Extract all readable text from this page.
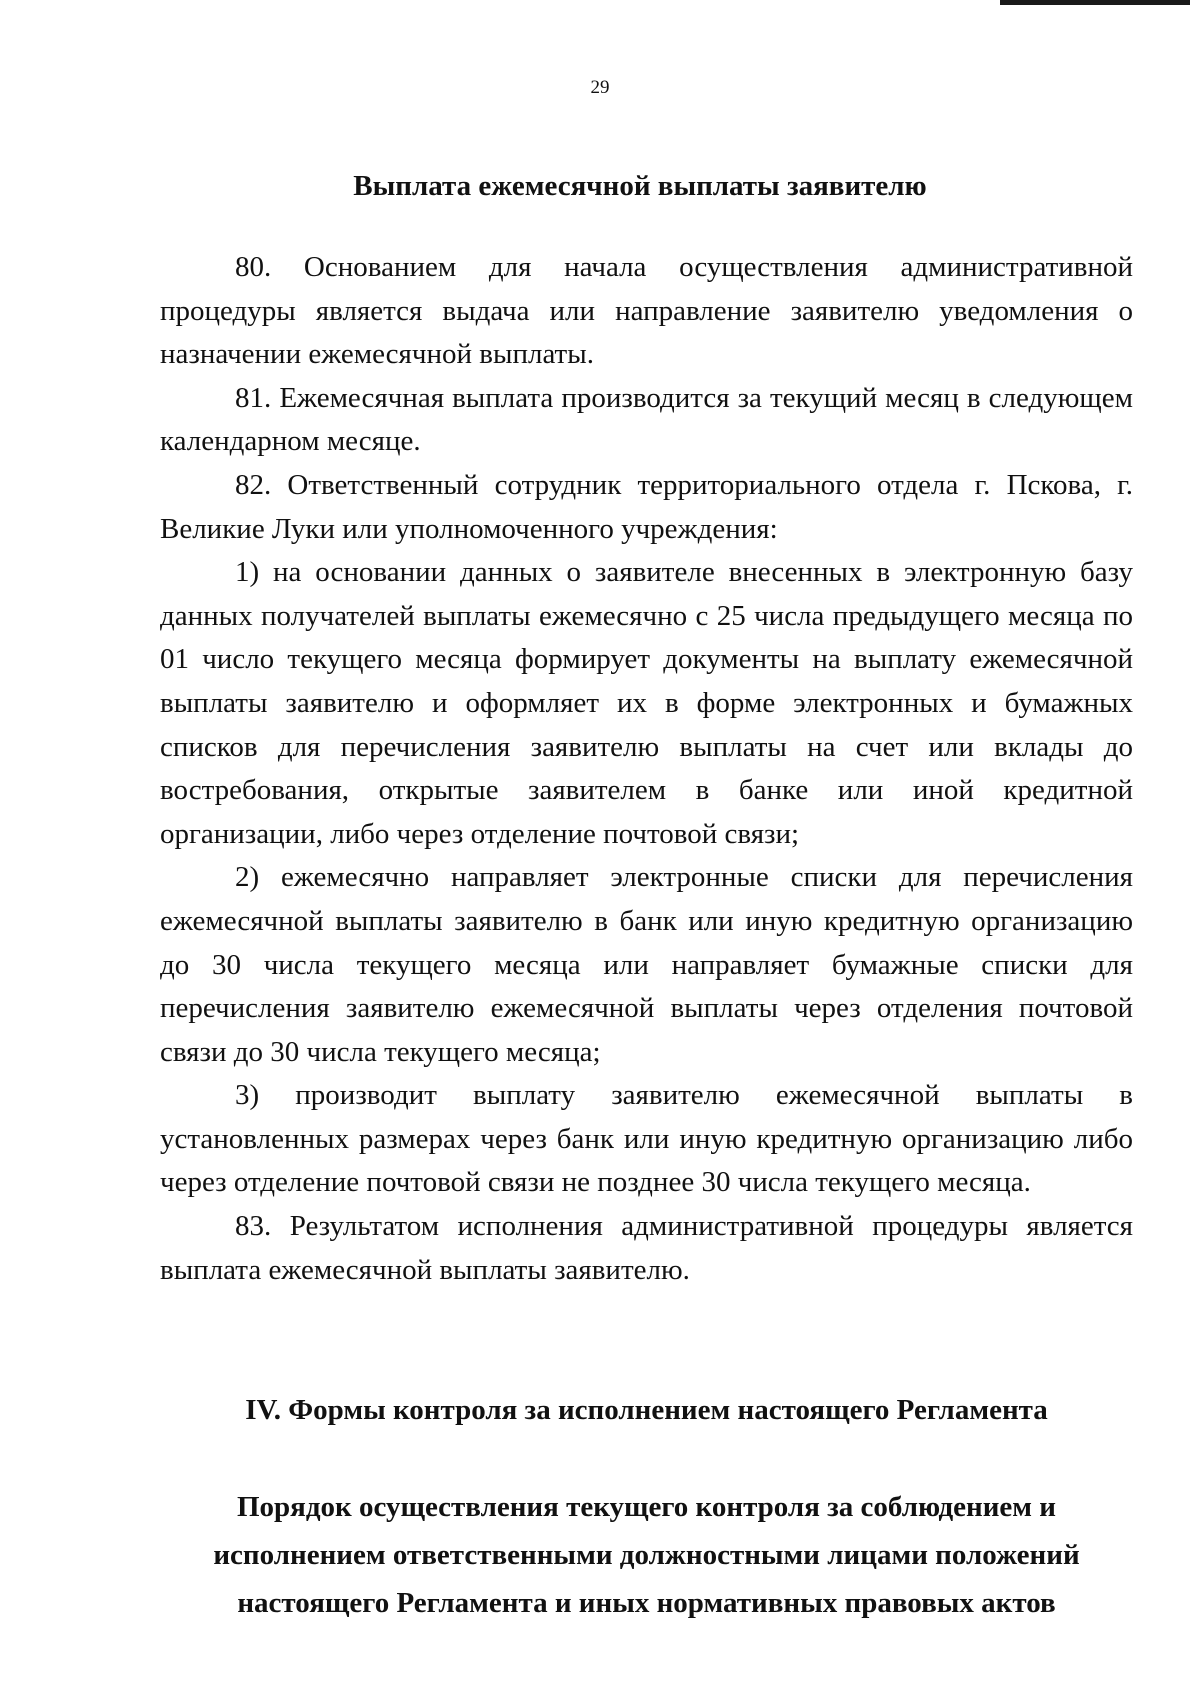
29
Выплата ежемесячной выплаты заявителю

80. Основанием для начала осуществления административной процедуры является выдача или направление заявителю уведомления о назначении ежемесячной выплаты.

81. Ежемесячная выплата производится за текущий месяц в следующем календарном месяце.

82. Ответственный сотрудник территориального отдела г. Пскова, г. Великие Луки или уполномоченного учреждения:

1) на основании данных о заявителе внесенных в электронную базу данных получателей выплаты ежемесячно с 25 числа предыдущего месяца по 01 число текущего месяца формирует документы на выплату ежемесячной выплаты заявителю и оформляет их в форме электронных и бумажных списков для перечисления заявителю выплаты на счет или вклады до востребования, открытые заявителем в банке или иной кредитной организации, либо через отделение почтовой связи;

2) ежемесячно направляет электронные списки для перечисления ежемесячной выплаты заявителю в банк или иную кредитную организацию до 30 числа текущего месяца или направляет бумажные списки для перечисления заявителю ежемесячной выплаты через отделения почтовой связи до 30 числа текущего месяца;

3) производит выплату заявителю ежемесячной выплаты в установленных размерах через банк или иную кредитную организацию либо через отделение почтовой связи не позднее 30 числа текущего месяца.

83. Результатом исполнения административной процедуры является выплата ежемесячной выплаты заявителю.

IV. Формы контроля за исполнением настоящего Регламента
Порядок осуществления текущего контроля за соблюдением и
исполнением ответственными должностными лицами положений
настоящего Регламента и иных нормативных правовых актов
